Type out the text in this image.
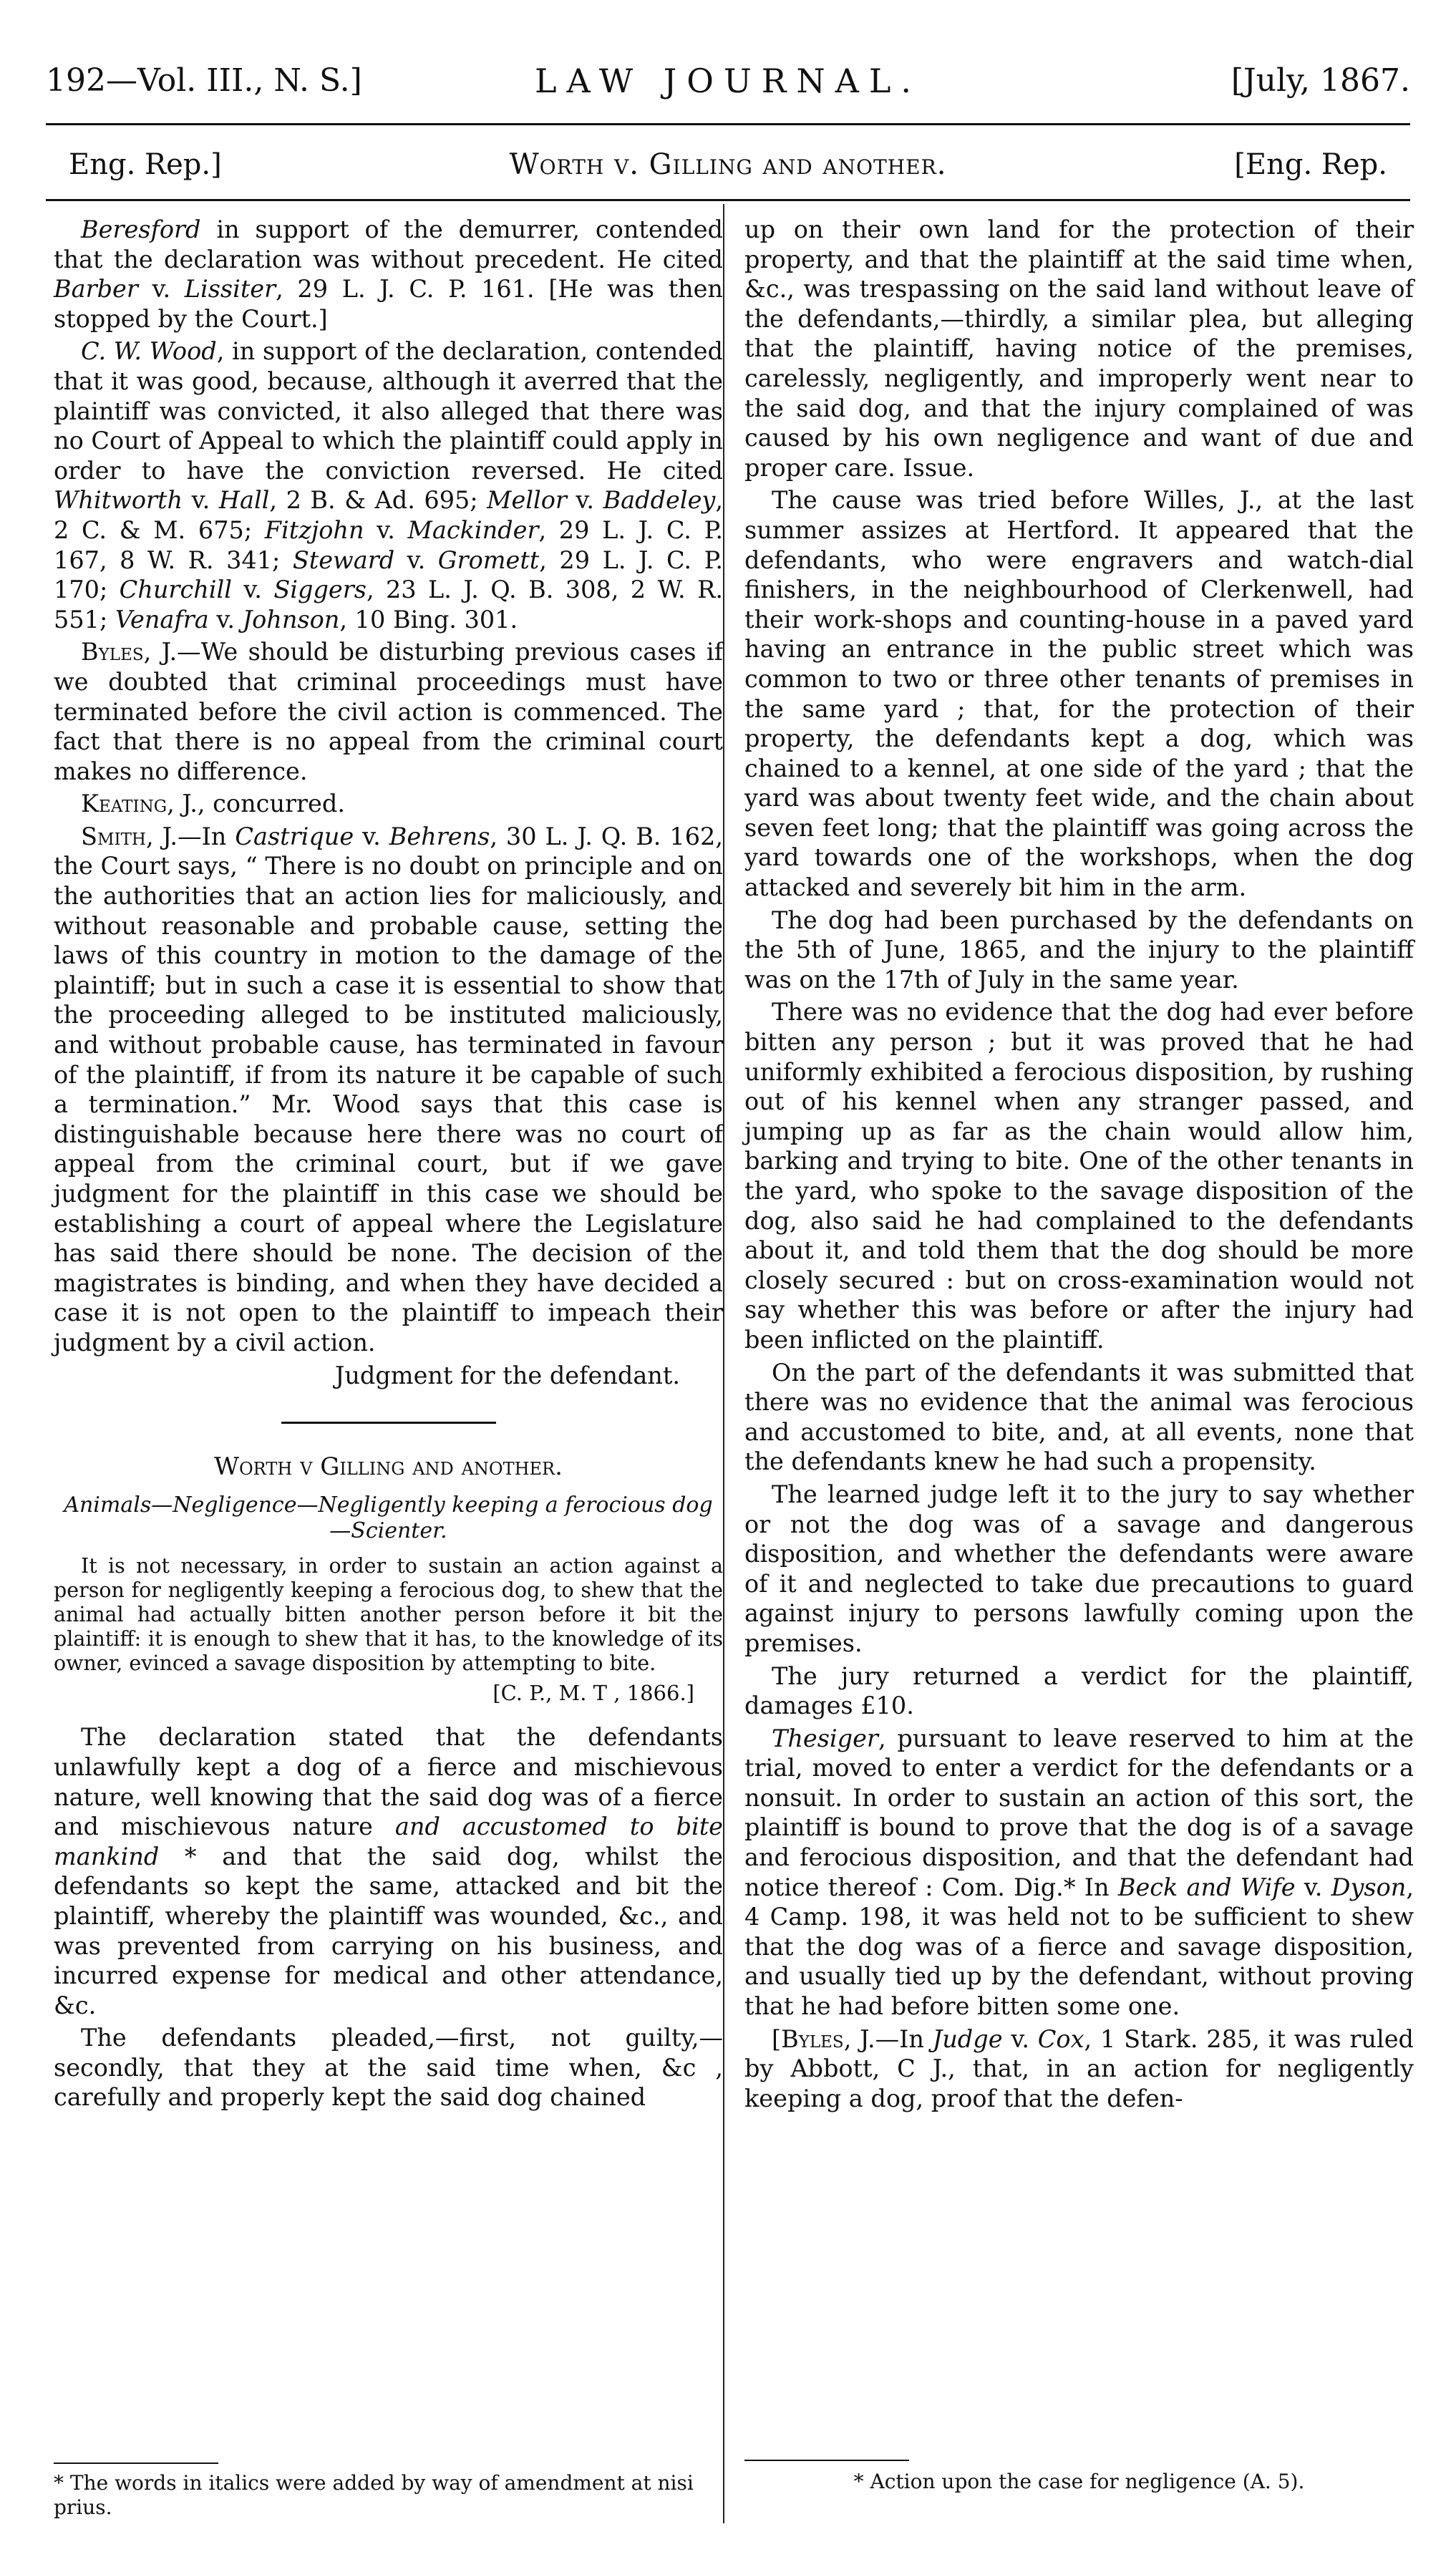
192—Vol. III., N. S.]	LAW JOURNAL.	[July, 1867.
Eng. Rep.]	Worth v. Gilling and another.	[Eng. Rep.

Beresford in support of the demurrer, contended that the declaration was without precedent. He cited Barber v. Lissiter, 29 L. J. C. P. 161. [He was then stopped by the Court.]

C. W. Wood, in support of the declaration, contended that it was good, because, although it averred that the plaintiff was convicted, it also alleged that there was no Court of Appeal to which the plaintiff could apply in order to have the conviction reversed. He cited Whitworth v. Hall, 2 B. & Ad. 695; Mellor v. Baddeley, 2 C. & M. 675; Fitzjohn v. Mackinder, 29 L. J. C. P. 167, 8 W. R. 341; Steward v. Gromett, 29 L. J. C. P. 170; Churchill v. Siggers, 23 L. J. Q. B. 308, 2 W. R. 551; Venafra v. Johnson, 10 Bing. 301.

Byles, J.—We should be disturbing previous cases if we doubted that criminal proceedings must have terminated before the civil action is commenced. The fact that there is no appeal from the criminal court makes no difference.

Keating, J., concurred.

Smith, J.—In Castrique v. Behrens, 30 L. J. Q. B. 162, the Court says, “ There is no doubt on principle and on the authorities that an action lies for maliciously, and without reasonable and probable cause, setting the laws of this country in motion to the damage of the plaintiff; but in such a case it is essential to show that the proceeding alleged to be instituted maliciously, and without probable cause, has terminated in favour of the plaintiff, if from its nature it be capable of such a termination.” Mr. Wood says that this case is distinguishable because here there was no court of appeal from the criminal court, but if we gave judgment for the plaintiff in this case we should be establishing a court of appeal where the Legislature has said there should be none. The decision of the magistrates is binding, and when they have decided a case it is not open to the plaintiff to impeach their judgment by a civil action.

Judgment for the defendant.

Worth v Gilling and another.

Animals—Negligence—Negligently keeping a ferocious dog—Scienter.

It is not necessary, in order to sustain an action against a person for negligently keeping a ferocious dog, to shew that the animal had actually bitten another person before it bit the plaintiff: it is enough to shew that it has, to the knowledge of its owner, evinced a savage disposition by attempting to bite.

[C. P., M. T , 1866.]

The declaration stated that the defendants unlawfully kept a dog of a fierce and mischievous nature, well knowing that the said dog was of a fierce and mischievous nature and accustomed to bite mankind * and that the said dog, whilst the defendants so kept the same, attacked and bit the plaintiff, whereby the plaintiff was wounded, &c., and was prevented from carrying on his business, and incurred expense for medical and other attendance, &c.

The defendants pleaded,—first, not guilty,—secondly, that they at the said time when, &c , carefully and properly kept the said dog chained

* The words in italics were added by way of amendment at nisi prius.

up on their own land for the protection of their property, and that the plaintiff at the said time when, &c., was trespassing on the said land without leave of the defendants,—thirdly, a similar plea, but alleging that the plaintiff, having notice of the premises, carelessly, negligently, and improperly went near to the said dog, and that the injury complained of was caused by his own negligence and want of due and proper care. Issue.

The cause was tried before Willes, J., at the last summer assizes at Hertford. It appeared that the defendants, who were engravers and watch-dial finishers, in the neighbourhood of Clerkenwell, had their work-shops and counting-house in a paved yard having an entrance in the public street which was common to two or three other tenants of premises in the same yard ; that, for the protection of their property, the defendants kept a dog, which was chained to a kennel, at one side of the yard ; that the yard was about twenty feet wide, and the chain about seven feet long; that the plaintiff was going across the yard towards one of the workshops, when the dog attacked and severely bit him in the arm.

The dog had been purchased by the defendants on the 5th of June, 1865, and the injury to the plaintiff was on the 17th of July in the same year.

There was no evidence that the dog had ever before bitten any person ; but it was proved that he had uniformly exhibited a ferocious disposition, by rushing out of his kennel when any stranger passed, and jumping up as far as the chain would allow him, barking and trying to bite. One of the other tenants in the yard, who spoke to the savage disposition of the dog, also said he had complained to the defendants about it, and told them that the dog should be more closely secured : but on cross-examination would not say whether this was before or after the injury had been inflicted on the plaintiff.

On the part of the defendants it was submitted that there was no evidence that the animal was ferocious and accustomed to bite, and, at all events, none that the defendants knew he had such a propensity.

The learned judge left it to the jury to say whether or not the dog was of a savage and dangerous disposition, and whether the defendants were aware of it and neglected to take due precautions to guard against injury to persons lawfully coming upon the premises.

The jury returned a verdict for the plaintiff, damages £10.

Thesiger, pursuant to leave reserved to him at the trial, moved to enter a verdict for the defendants or a nonsuit. In order to sustain an action of this sort, the plaintiff is bound to prove that the dog is of a savage and ferocious disposition, and that the defendant had notice thereof : Com. Dig.* In Beck and Wife v. Dyson, 4 Camp. 198, it was held not to be sufficient to shew that the dog was of a fierce and savage disposition, and usually tied up by the defendant, without proving that he had before bitten some one.

[Byles, J.—In Judge v. Cox, 1 Stark. 285, it was ruled by Abbott, C J., that, in an action for negligently keeping a dog, proof that the defen-

* Action upon the case for negligence (A. 5).
